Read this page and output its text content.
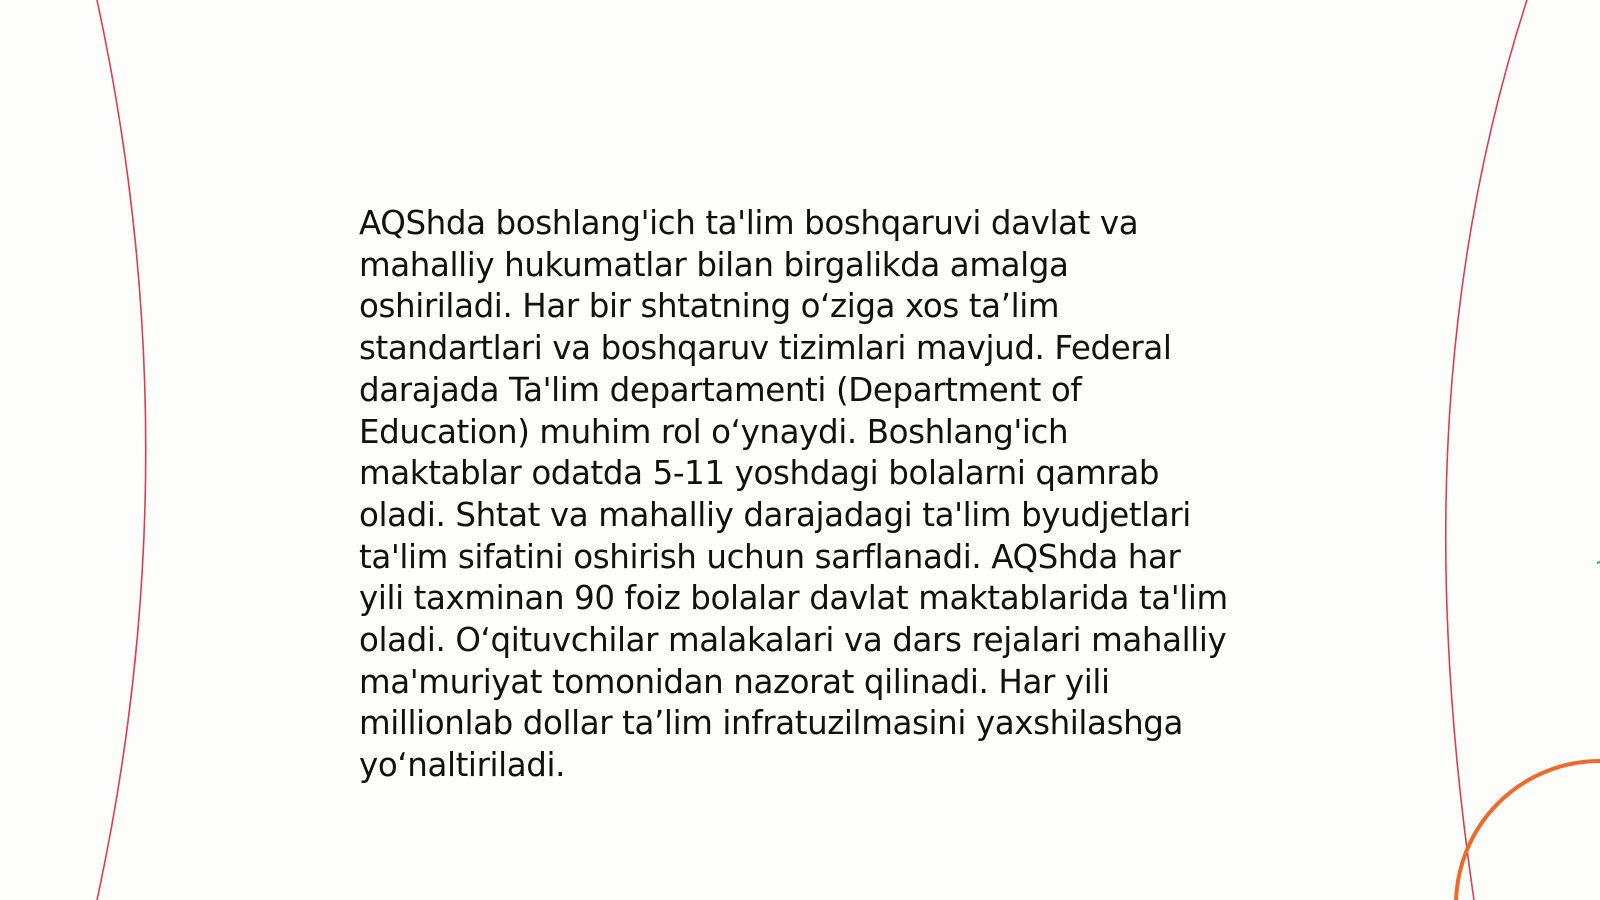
AQShda boshlang'ich ta'lim boshqaruvi davlat va
mahalliy hukumatlar bilan birgalikda amalga
oshiriladi. Har bir shtatning o‘ziga xos ta’lim
standartlari va boshqaruv tizimlari mavjud. Federal
darajada Ta'lim departamenti (Department of
Education) muhim rol o‘ynaydi. Boshlang'ich
maktablar odatda 5-11 yoshdagi bolalarni qamrab
oladi. Shtat va mahalliy darajadagi ta'lim byudjetlari
ta'lim sifatini oshirish uchun sarflanadi. AQShda har
yili taxminan 90 foiz bolalar davlat maktablarida ta'lim
oladi. O‘qituvchilar malakalari va dars rejalari mahalliy
ma'muriyat tomonidan nazorat qilinadi. Har yili
millionlab dollar ta’lim infratuzilmasini yaxshilashga
yo‘naltiriladi.
